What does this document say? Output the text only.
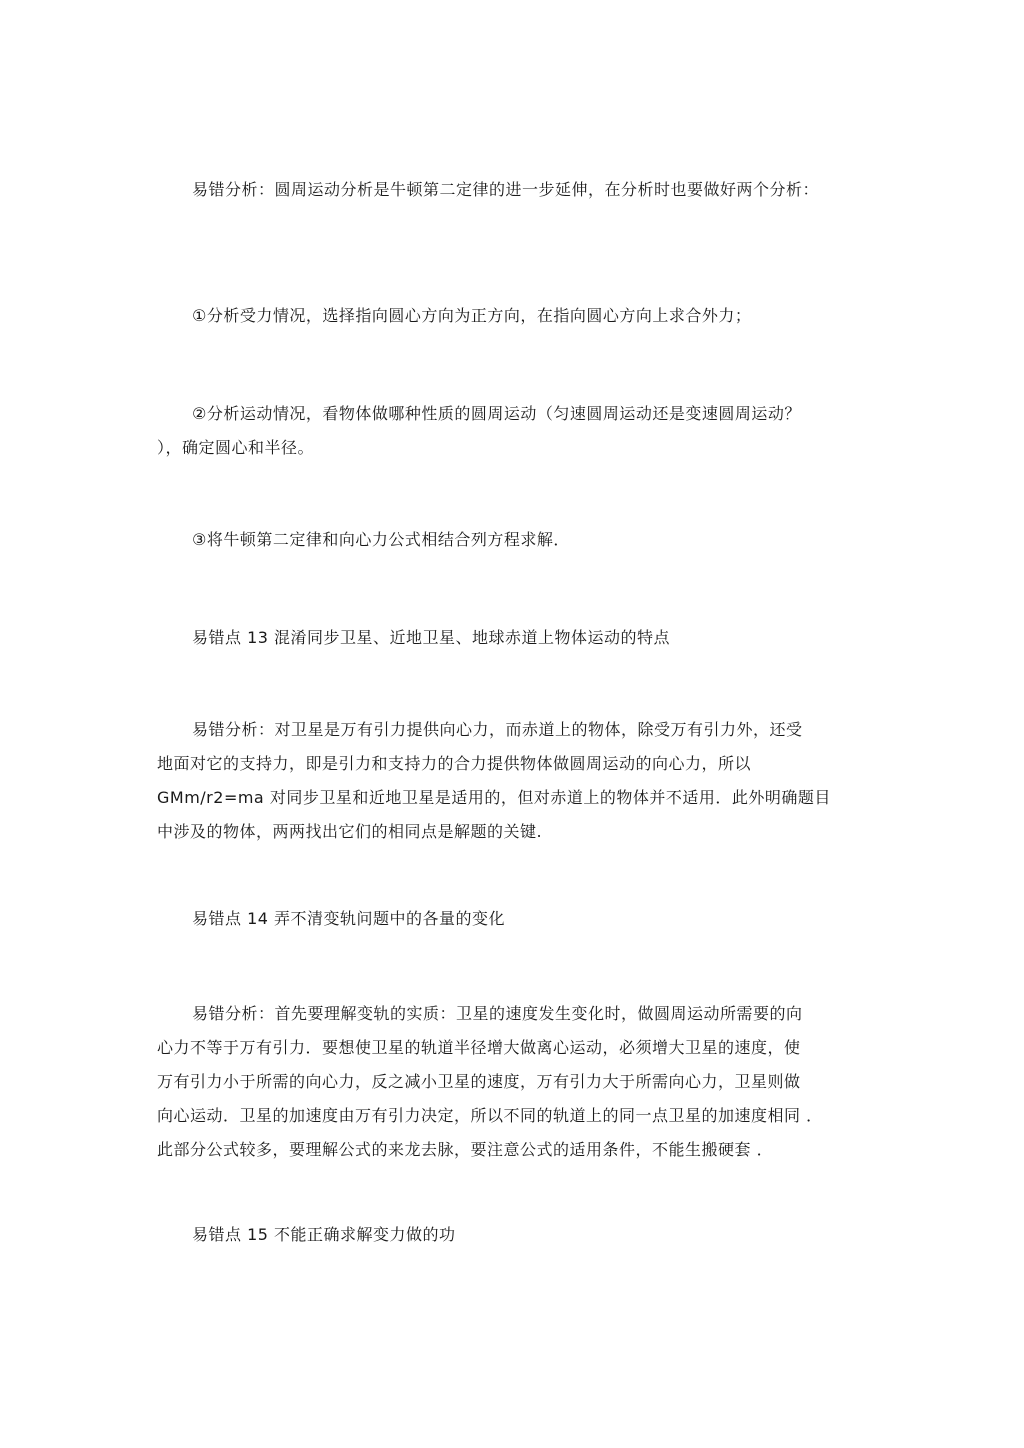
易错分析：圆周运动分析是牛顿第二定律的进一步延伸，在分析时也要做好两个分析：

①分析受力情况，选择指向圆心方向为正方向，在指向圆心方向上求合外力；

②分析运动情况，看物体做哪种性质的圆周运动（匀速圆周运动还是变速圆周运动？
），确定圆心和半径。

③将牛顿第二定律和向心力公式相结合列方程求解．

易错点 13 混淆同步卫星、近地卫星、地球赤道上物体运动的特点

易错分析：对卫星是万有引力提供向心力，而赤道上的物体，除受万有引力外，还受
地面对它的支持力，即是引力和支持力的合力提供物体做圆周运动的向心力，所以
GMm/r2=ma 对同步卫星和近地卫星是适用的，但对赤道上的物体并不适用．此外明确题目
中涉及的物体，两两找出它们的相同点是解题的关键.

易错点 14 弄不清变轨问题中的各量的变化

易错分析：首先要理解变轨的实质：卫星的速度发生变化时，做圆周运动所需要的向
心力不等于万有引力．要想使卫星的轨道半径增大做离心运动，必须增大卫星的速度，使
万有引力小于所需的向心力，反之减小卫星的速度，万有引力大于所需向心力，卫星则做
向心运动．卫星的加速度由万有引力决定，所以不同的轨道上的同一点卫星的加速度相同 ．
此部分公式较多，要理解公式的来龙去脉，要注意公式的适用条件，不能生搬硬套 ．

易错点 15 不能正确求解变力做的功
